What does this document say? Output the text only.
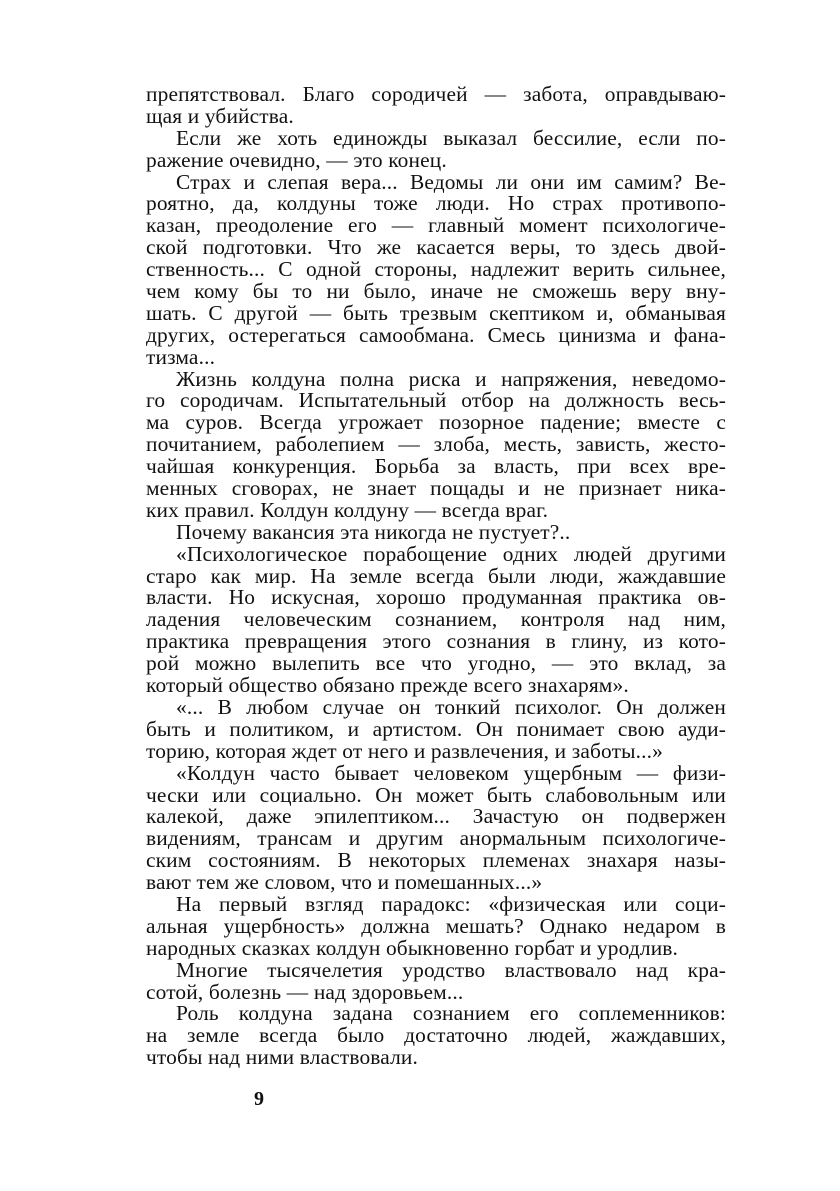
препятствовал. Благо сородичей — забота, оправдываю-
щая и убийства.
Если же хоть единожды выказал бессилие, если по-
ражение очевидно, — это конец.
Страх и слепая вера... Ведомы ли они им самим? Ве-
роятно, да, колдуны тоже люди. Но страх противопо-
казан, преодоление его — главный момент психологиче-
ской подготовки. Что же касается веры, то здесь двой-
ственность... С одной стороны, надлежит верить сильнее,
чем кому бы то ни было, иначе не сможешь веру вну-
шать. С другой — быть трезвым скептиком и, обманывая
других, остерегаться самообмана. Смесь цинизма и фана-
тизма...
Жизнь колдуна полна риска и напряжения, неведомо-
го сородичам. Испытательный отбор на должность весь-
ма суров. Всегда угрожает позорное падение; вместе с
почитанием, раболепием — злоба, месть, зависть, жесто-
чайшая конкуренция. Борьба за власть, при всех вре-
менных сговорах, не знает пощады и не признает ника-
ких правил. Колдун колдуну — всегда враг.
Почему вакансия эта никогда не пустует?..
«Психологическое порабощение одних людей другими
старо как мир. На земле всегда были люди, жаждавшие
власти. Но искусная, хорошо продуманная практика ов-
ладения человеческим сознанием, контроля над ним,
практика превращения этого сознания в глину, из кото-
рой можно вылепить все что угодно, — это вклад, за
который общество обязано прежде всего знахарям».
«... В любом случае он тонкий психолог. Он должен
быть и политиком, и артистом. Он понимает свою ауди-
торию, которая ждет от него и развлечения, и заботы...»
«Колдун часто бывает человеком ущербным — физи-
чески или социально. Он может быть слабовольным или
калекой, даже эпилептиком... Зачастую он подвержен
видениям, трансам и другим анормальным психологиче-
ским состояниям. В некоторых племенах знахаря назы-
вают тем же словом, что и помешанных...»
На первый взгляд парадокс: «физическая или соци-
альная ущербность» должна мешать? Однако недаром в
народных сказках колдун обыкновенно горбат и уродлив.
Многие тысячелетия уродство властвовало над кра-
сотой, болезнь — над здоровьем...
Роль колдуна задана сознанием его соплеменников:
на земле всегда было достаточно людей, жаждавших,
чтобы над ними властвовали.
9
